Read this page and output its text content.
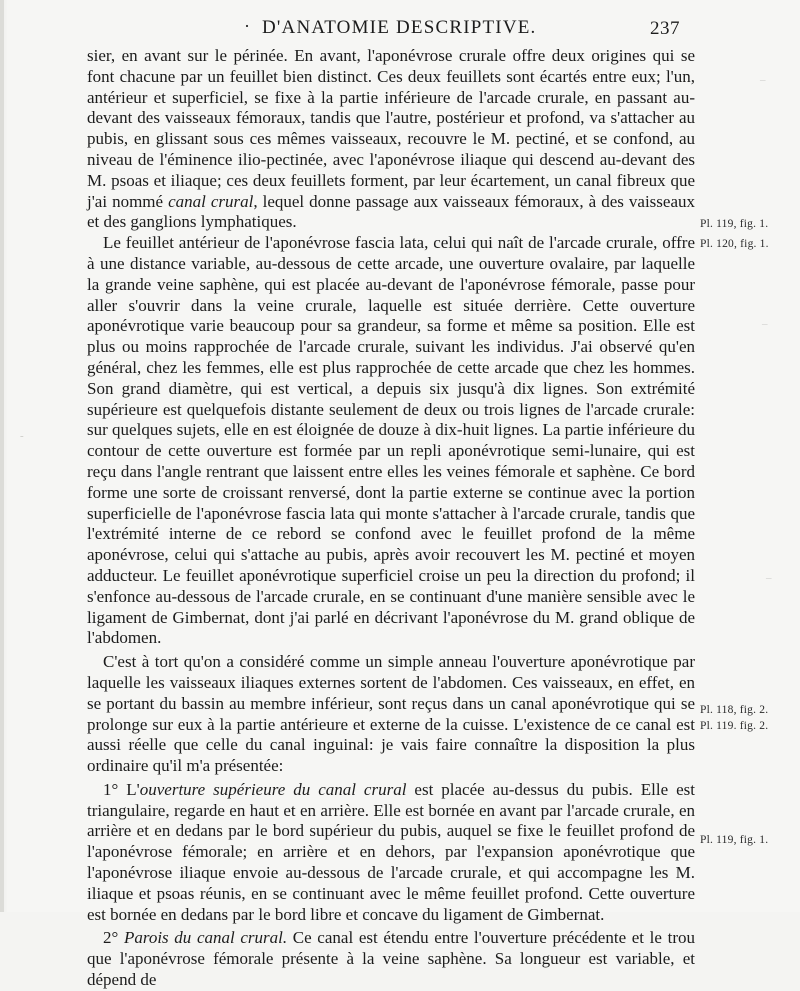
· D'ANATOMIE DESCRIPTIVE.	237

sier, en avant sur le périnée. En avant, l'aponévrose crurale offre deux origines qui se font chacune par un feuillet bien distinct. Ces deux feuillets sont écartés entre eux; l'un, antérieur et superficiel, se fixe à la partie inférieure de l'arcade crurale, en passant au-devant des vaisseaux fémoraux, tandis que l'autre, postérieur et profond, va s'attacher au pubis, en glissant sous ces mêmes vaisseaux, recouvre le M. pectiné, et se confond, au niveau de l'éminence ilio-pectinée, avec l'aponévrose iliaque qui descend au-devant des M. psoas et iliaque; ces deux feuillets forment, par leur écartement, un canal fibreux que j'ai nommé canal crural, lequel donne passage aux vaisseaux fémoraux, à des vaisseaux et des ganglions lymphatiques.

Le feuillet antérieur de l'aponévrose fascia lata, celui qui naît de l'arcade crurale, offre à une distance variable, au-dessous de cette arcade, une ouverture ovalaire, par laquelle la grande veine saphène, qui est placée au-devant de l'aponévrose fémorale, passe pour aller s'ouvrir dans la veine crurale, laquelle est située derrière. Cette ouverture aponévrotique varie beaucoup pour sa grandeur, sa forme et même sa position. Elle est plus ou moins rapprochée de l'arcade crurale, suivant les individus. J'ai observé qu'en général, chez les femmes, elle est plus rapprochée de cette arcade que chez les hommes. Son grand diamètre, qui est vertical, a depuis six jusqu'à dix lignes. Son extrémité supérieure est quelquefois distante seulement de deux ou trois lignes de l'arcade crurale: sur quelques sujets, elle en est éloignée de douze à dix-huit lignes. La partie inférieure du contour de cette ouverture est formée par un repli aponévrotique semi-lunaire, qui est reçu dans l'angle rentrant que laissent entre elles les veines fémorale et saphène. Ce bord forme une sorte de croissant renversé, dont la partie externe se continue avec la portion superficielle de l'aponévrose fascia lata qui monte s'attacher à l'arcade crurale, tandis que l'extrémité interne de ce rebord se confond avec le feuillet profond de la même aponévrose, celui qui s'attache au pubis, après avoir recouvert les M. pectiné et moyen adducteur. Le feuillet aponévrotique superficiel croise un peu la direction du profond; il s'enfonce au-dessous de l'arcade crurale, en se continuant d'une manière sensible avec le ligament de Gimbernat, dont j'ai parlé en décrivant l'aponévrose du M. grand oblique de l'abdomen.

C'est à tort qu'on a considéré comme un simple anneau l'ouverture aponévrotique par laquelle les vaisseaux iliaques externes sortent de l'abdomen. Ces vaisseaux, en effet, en se portant du bassin au membre inférieur, sont reçus dans un canal aponévrotique qui se prolonge sur eux à la partie antérieure et externe de la cuisse. L'existence de ce canal est aussi réelle que celle du canal inguinal: je vais faire connaître la disposition la plus ordinaire qu'il m'a présentée:

1° L'ouverture supérieure du canal crural est placée au-dessus du pubis. Elle est triangulaire, regarde en haut et en arrière. Elle est bornée en avant par l'arcade crurale, en arrière et en dedans par le bord supérieur du pubis, auquel se fixe le feuillet profond de l'aponévrose fémorale; en arrière et en dehors, par l'expansion aponévrotique que l'aponévrose iliaque envoie au-dessous de l'arcade crurale, et qui accompagne les M. iliaque et psoas réunis, en se continuant avec le même feuillet profond. Cette ouverture est bornée en dedans par le bord libre et concave du ligament de Gimbernat.

2° Parois du canal crural. Ce canal est étendu entre l'ouverture précédente et le trou que l'aponévrose fémorale présente à la veine saphène. Sa longueur est variable, et dépend de

Pl. 119, fig. 1.
Pl. 120, fig. 1.
Pl. 118, fig. 2.
Pl. 119. fig. 2.
Pl. 119, fig. 1.
–
–
–
-
